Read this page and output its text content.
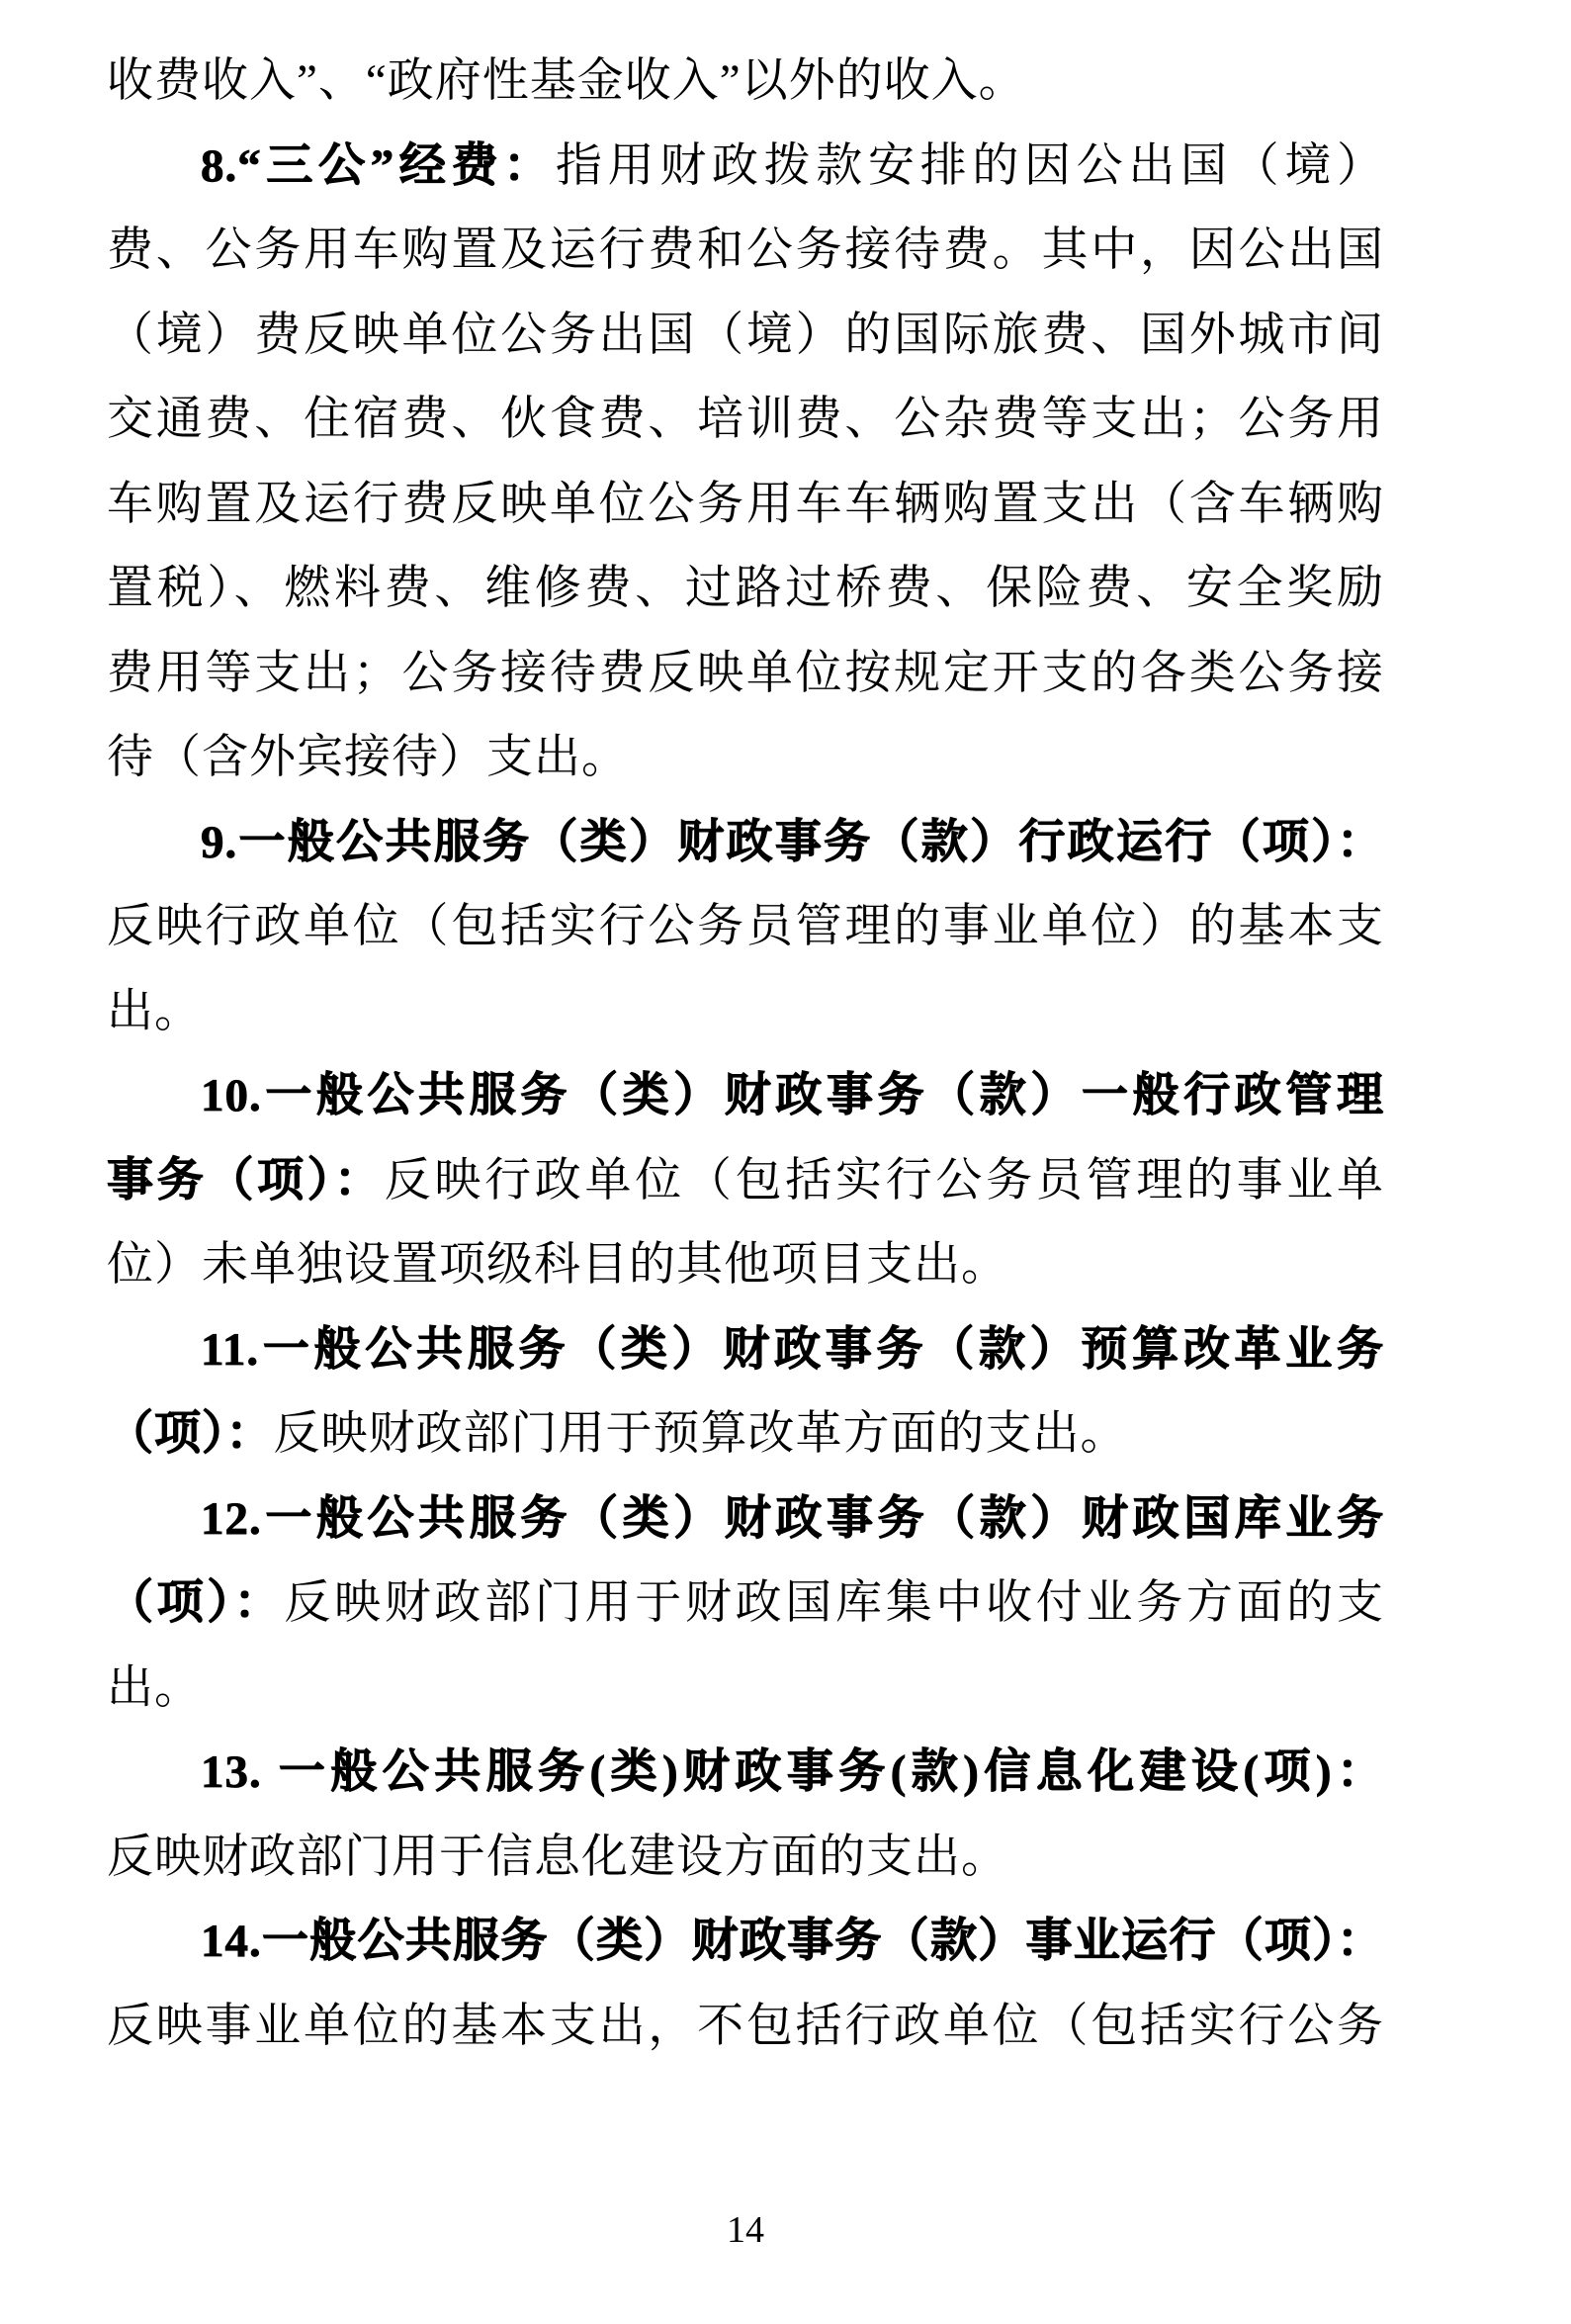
收费收入”、“政府性基金收入”以外的收入。
8.“三公”经费：指用财政拨款安排的因公出国（境）
费、公务用车购置及运行费和公务接待费。其中，因公出国
（境）费反映单位公务出国（境）的国际旅费、国外城市间
交通费、住宿费、伙食费、培训费、公杂费等支出；公务用
车购置及运行费反映单位公务用车车辆购置支出（含车辆购
置税）、燃料费、维修费、过路过桥费、保险费、安全奖励
费用等支出；公务接待费反映单位按规定开支的各类公务接
待（含外宾接待）支出。
9.一般公共服务（类）财政事务（款）行政运行（项）：
反映行政单位（包括实行公务员管理的事业单位）的基本支
出。
10.一般公共服务（类）财政事务（款）一般行政管理
事务（项）：反映行政单位（包括实行公务员管理的事业单
位）未单独设置项级科目的其他项目支出。
11.一般公共服务（类）财政事务（款）预算改革业务
（项）：反映财政部门用于预算改革方面的支出。
12.一般公共服务（类）财政事务（款）财政国库业务
（项）：反映财政部门用于财政国库集中收付业务方面的支
出。
13. 一般公共服务(类)财政事务(款)信息化建设(项)：
反映财政部门用于信息化建设方面的支出。
14.一般公共服务（类）财政事务（款）事业运行（项）：
反映事业单位的基本支出，不包括行政单位（包括实行公务
14
